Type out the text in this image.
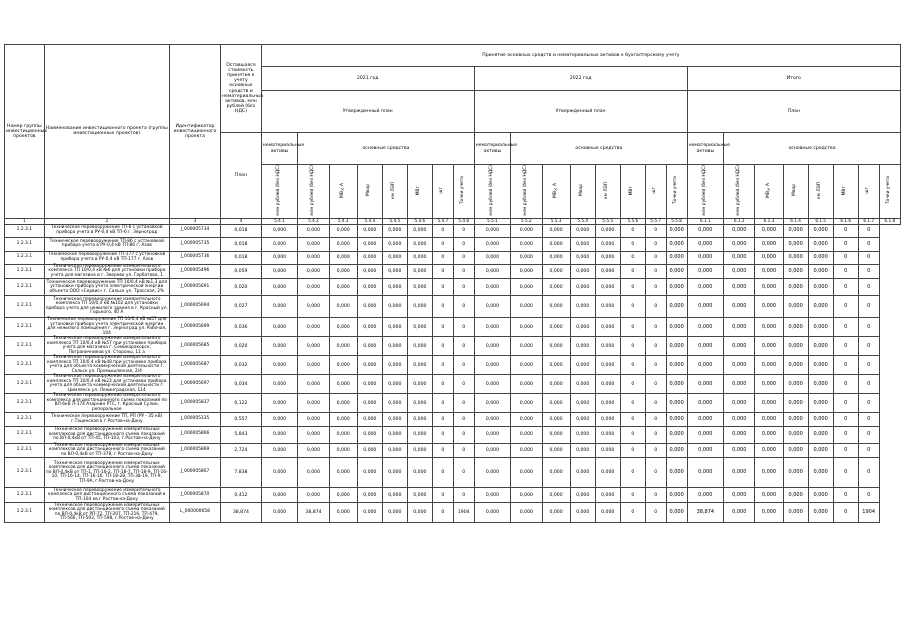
Номер группы инвестиционных проектов	Наименование инвестиционного проекта (группы инвестиционных проектов)	Идентификатор инвестиционного проекта	Оставшаяся стоимость принятия к учету основных средств и нематериальных активов, млн рублей (без НДС)	Принятие основных средств и нематериальных активов к бухгалтерскому учету																							
				2021 год								2022 год								Итого							
				Утвержденный план								Утвержденный план								План							
			План	нематериальные активы	основные средства							нематериальные активы	основные средства							нематериальные активы	основные средства						
				млн рублей (без НДС)	млн рублей (без НДС)	МВ×А	Мвар	км ЛЭП	МВт	шт	Точки учета	млн рублей (без НДС)	млн рублей (без НДС)	МВ×А	Мвар	км ЛЭП	МВт	шт	Точки учета	млн рублей (без НДС)	млн рублей (без НДС)	МВ×А	Мвар	км ЛЭП	МВт	шт	Точки учета
1	2	3	4	5.4.1	5.4.2	5.4.3	5.4.4	5.4.5	5.4.6	5.4.7	5.4.8	5.5.1	5.5.2	5.5.3	5.5.4	5.5.5	5.5.6	5.5.7	5.5.8	6.1.1	6.1.2	6.1.3	6.1.4	6.1.5	6.1.6	6.1.7	6.1.8
1.2.3.1	Техническое перевооружение ТП-6 с установкой прибора учета в РУ-0,4 кВ ТП-6 г. Зерноград	J_000005734	0,018	0,000	0,000	0,000	0,000	0,000	0,000	0	0	0,000	0,000	0,000	0,000	0,000	0	0	0,000	0,000	0,000	0,000	0,000	0,000	0	0	
1.2.3.1	Техническое перевооружение ТП-86 с установкой прибора учета в РУ-0,4 кВ ТП-86 г. Азов	J_000005735	0,018	0,000	0,000	0,000	0,000	0,000	0,000	0	0	0,000	0,000	0,000	0,000	0,000	0	0	0,000	0,000	0,000	0,000	0,000	0,000	0	0	
1.2.3.1	Техническое перевооружение ТП-177 с установкой прибора учета в РУ-0,4 кВ ТП-177 г. Азов	J_000005736	0,018	0,000	0,000	0,000	0,000	0,000	0,000	0	0	0,000	0,000	0,000	0,000	0,000	0	0	0,000	0,000	0,000	0,000	0,000	0,000	0	0	
1.2.3.1	Техническое перевооружение измерительного комплекса ТП 10/0,4 кВ №6 для установки прибора учета для магазина в г. Зверево ул. Горбатова, 1	J_000005496	0,059	0,000	0,000	0,000	0,000	0,000	0,000	0	0	0,000	0,000	0,000	0,000	0,000	0	0	0,000	0,000	0,000	0,000	0,000	0,000	0	0	
1.2.3.1	Техническое перевооружение ТП 10/0,4 кВ №1,3 для установки прибора учета электрической энергии объекта ООО «Сервис» г. Сальск ул. Трасская, 2%	J_000005691	0,020	0,000	0,000	0,000	0,000	0,000	0,000	0	0	0,000	0,000	0,000	0,000	0,000	0	0	0,000	0,000	0,000	0,000	0,000	0,000	0	0	
1.2.3.1	Техническое перевооружение измерительного комплекса ТП 10/0,4 кВ №102 для установки прибора учета для нежилого здания в г. Красный ул. Горького, 40 А	J_000005694	0,027	0,000	0,000	0,000	0,000	0,000	0,000	0	0	0,000	0,000	0,000	0,000	0,000	0	0	0,000	0,000	0,000	0,000	0,000	0,000	0	0	
1.2.3.1	Техническое перевооружение ТП 10/0,4 кВ №57 для установки прибора учета электрической энергии для нежилого помещения г. Зерноград ул. Рабочая, 104	J_000005699	0,036	0,000	0,000	0,000	0,000	0,000	0,000	0	0	0,000	0,000	0,000	0,000	0,000	0	0	0,000	0,000	0,000	0,000	0,000	0,000	0	0	
1.2.3.1	Техническое перевооружение измерительного комплекса ТП 10/0,4 кВ №57 при установке прибора учета для магазина г. Семикаракорск, Пограничников ул. Стороны, 11 а	J_000005685	0,020	0,000	0,000	0,000	0,000	0,000	0,000	0	0	0,000	0,000	0,000	0,000	0,000	0	0	0,000	0,000	0,000	0,000	0,000	0,000	0	0	
1.2.3.1	Техническое перевооружение измерительного комплекса ТП 10/0,4 кВ №48 при установке прибора учета для объекта коммерческой деятельности г. Сальск ул. Промышленная, 2/4	J_000005687	0,032	0,000	0,000	0,000	0,000	0,000	0,000	0	0	0,000	0,000	0,000	0,000	0,000	0	0	0,000	0,000	0,000	0,000	0,000	0,000	0	0	
1.2.3.1	Техническое перевооружение измерительного комплекса ТП 10/0,4 кВ №23 для установки прибора учета для объекта коммерческой деятельности г. Цимлянск ул. Ленинградская, 114	J_000005697	0,034	0,000	0,000	0,000	0,000	0,000	0,000	0	0	0,000	0,000	0,000	0,000	0,000	0	0	0,000	0,000	0,000	0,000	0,000	0,000	0	0	
1.2.3.1	Техническое перевооружение измерительного комплекса для дистанционного съема показаний по ВЛ-6кВ Л-174 Азарнин РТС, г. Красный Сулин, реперальное	J_000005837	0,122	0,000	0,000	0,000	0,000	0,000	0,000	0	0	0,000	0,000	0,000	0,000	0,000	0	0	0,000	0,000	0,000	0,000	0,000	0,000	0	0	
1.2.3.1	Техническое перевооружение ТП, РП (РУ - 35 кВ) г.Тацинская в г.Ростов-на-Дону	J_000005335	0,557	0,000	0,000	0,000	0,000	0,000	0,000	0	0	0,000	0,000	0,000	0,000	0,000	0	0	0,000	0,000	0,000	0,000	0,000	0,000	0	0	
1.2.3.1	Техническое перевооружение измерительных комплексов для дистанционного съема показаний по ВЛ-0,4кВ от ТП-45, ТП-103, г.Ростов-на-Дону	J_000005866	5,843	0,000	0,000	0,000	0,000	0,000	0,000	0	0	0,000	0,000	0,000	0,000	0,000	0	0	0,000	0,000	0,000	0,000	0,000	0,000	0	0	
1.2.3.1	Техническое перевооружение измерительных комплексов для дистанционного съема показаний по ВЛ-0,4кВ от ТП-378, г.Ростов-на-Дону	J_000005869	2,724	0,000	0,000	0,000	0,000	0,000	0,000	0	0	0,000	0,000	0,000	0,000	0,000	0	0	0,000	0,000	0,000	0,000	0,000	0,000	0	0	
1.2.3.1	Техническое перевооружение измерительных комплексов для дистанционного съема показаний по ВЛ-0,4кВ от ТП-1, ТП-16-2, ТП-18-7, ТП-18-9, ТП-16-10, ТП-16-14, ТП-16-16, ТП-18-28, ТП-38-19, ТП-9, ТП-9А, г.Ростов-на-Дону	J_000005867	7,838	0,000	0,000	0,000	0,000	0,000	0,000	0	0	0,000	0,000	0,000	0,000	0,000	0	0	0,000	0,000	0,000	0,000	0,000	0,000	0	0	
1.2.3.1	Техническое перевооружение измерительного комплекса для дистанционного съема показаний в ТП-104 кв.г.Ростов-на-Дону	J_000005870	0,412	0,000	0,000	0,000	0,000	0,000	0,000	0	0	0,000	0,000	0,000	0,000	0,000	0	0	0,000	0,000	0,000	0,000	0,000	0,000	0	0	
1.2.3.1	Техническое перевооружение измерительных комплексов для дистанционного съема показаний по ВЛ-0,4кВ от РП-72, ТП-207, ТП-216, ТП-479, ТП-566, ТП-593, ТП-598, г.Ростов-на-Дону	L_000000658	38,874	0,000	38,874	0,000	0,000	0,000	0,000	0	1904	0,000	0,000	0,000	0,000	0,000	0	0	0,000	38,874	0,000	0,000	0,000	0,000	0	1904	
